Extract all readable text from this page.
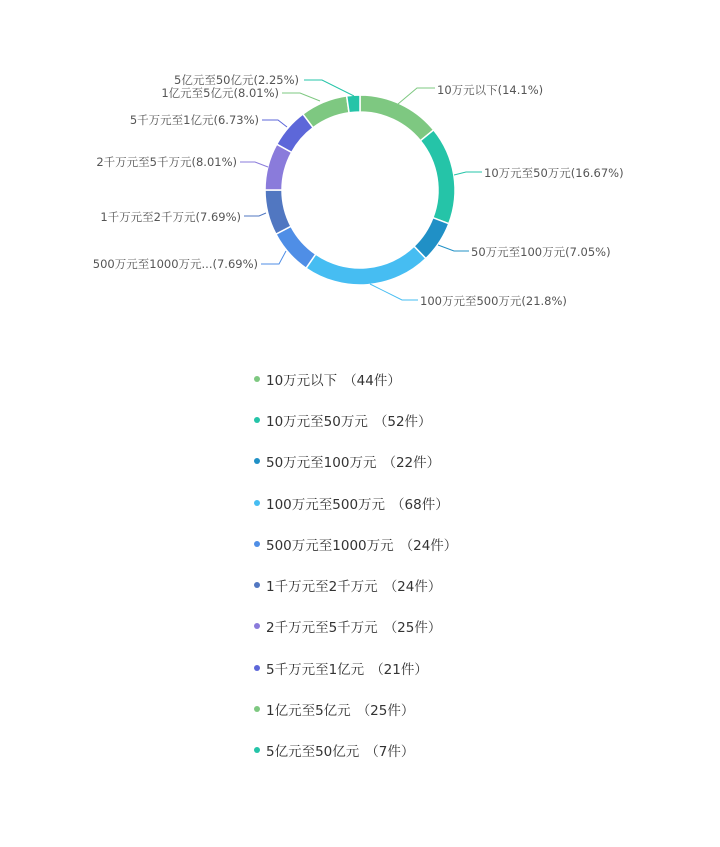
10万元以下(14.1%)
10万元至50万元(16.67%)
50万元至100万元(7.05%)
100万元至500万元(21.8%)
500万元至1000万元...(7.69%)
1千万元至2千万元(7.69%)
2千万元至5千万元(8.01%)
5千万元至1亿元(6.73%)
1亿元至5亿元(8.01%)
5亿元至50亿元(2.25%)
10万元以下 （44件）
10万元至50万元 （52件）
50万元至100万元 （22件）
100万元至500万元 （68件）
500万元至1000万元 （24件）
1千万元至2千万元 （24件）
2千万元至5千万元 （25件）
5千万元至1亿元 （21件）
1亿元至5亿元 （25件）
5亿元至50亿元 （7件）
